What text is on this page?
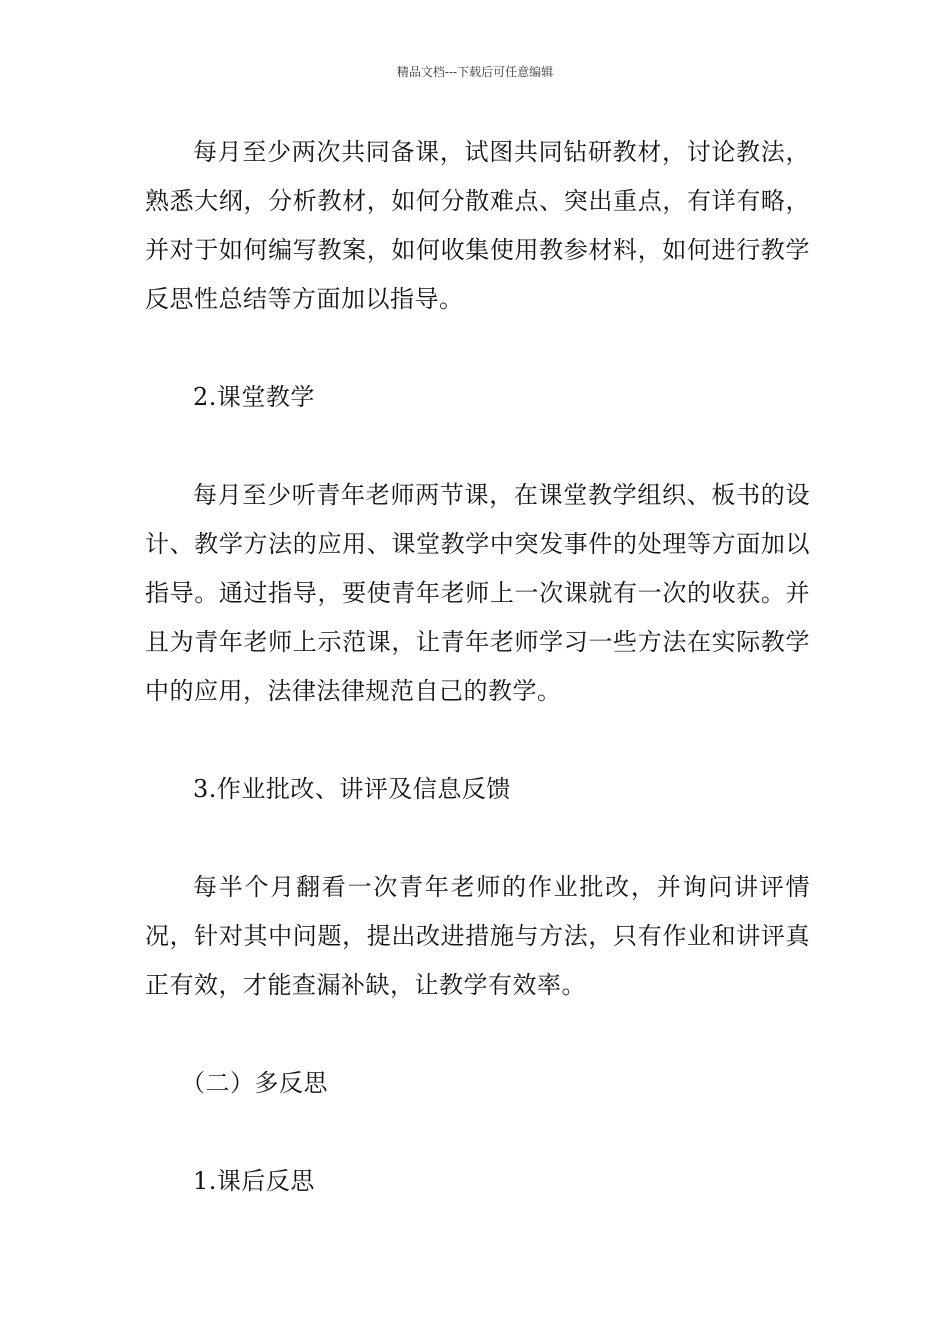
精品文档---下载后可任意编辑

每月至少两次共同备课，试图共同钻研教材，讨论教法，熟悉大纲，分析教材，如何分散难点、突出重点，有详有略，并对于如何编写教案，如何收集使用教参材料，如何进行教学反思性总结等方面加以指导。

2.课堂教学

每月至少听青年老师两节课，在课堂教学组织、板书的设计、教学方法的应用、课堂教学中突发事件的处理等方面加以指导。通过指导，要使青年老师上一次课就有一次的收获。并且为青年老师上示范课，让青年老师学习一些方法在实际教学中的应用，法律法律规范自己的教学。

3.作业批改、讲评及信息反馈

每半个月翻看一次青年老师的作业批改，并询问讲评情况，针对其中问题，提出改进措施与方法，只有作业和讲评真正有效，才能查漏补缺，让教学有效率。

（二）多反思

1.课后反思
